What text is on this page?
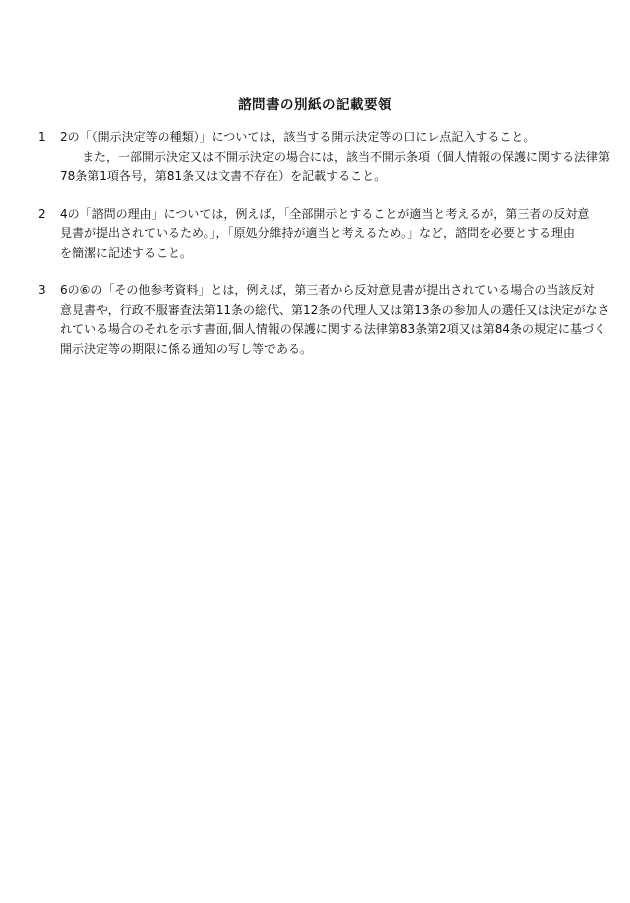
諮問書の別紙の記載要領
1 2の「（開示決定等の種類）」については，該当する開示決定等の口にレ点記入すること。
また，一部開示決定又は不開示決定の場合には，該当不開示条項（個人情報の保護に関する法律第
78条第1項各号，第81条又は文書不存在）を記載すること。
2 4の「諮問の理由」については，例えば，「全部開示とすることが適当と考えるが，第三者の反対意
見書が提出されているため。」，「原処分維持が適当と考えるため。」など，諮問を必要とする理由
を簡潔に記述すること。
3 6の⑥の「その他参考資料」とは，例えば，第三者から反対意見書が提出されている場合の当該反対
意見書や，行政不服審査法第11条の総代、第12条の代理人又は第13条の参加人の選任又は決定がなさ
れている場合のそれを示す書面,個人情報の保護に関する法律第83条第2項又は第84条の規定に基づく
開示決定等の期限に係る通知の写し等である。
